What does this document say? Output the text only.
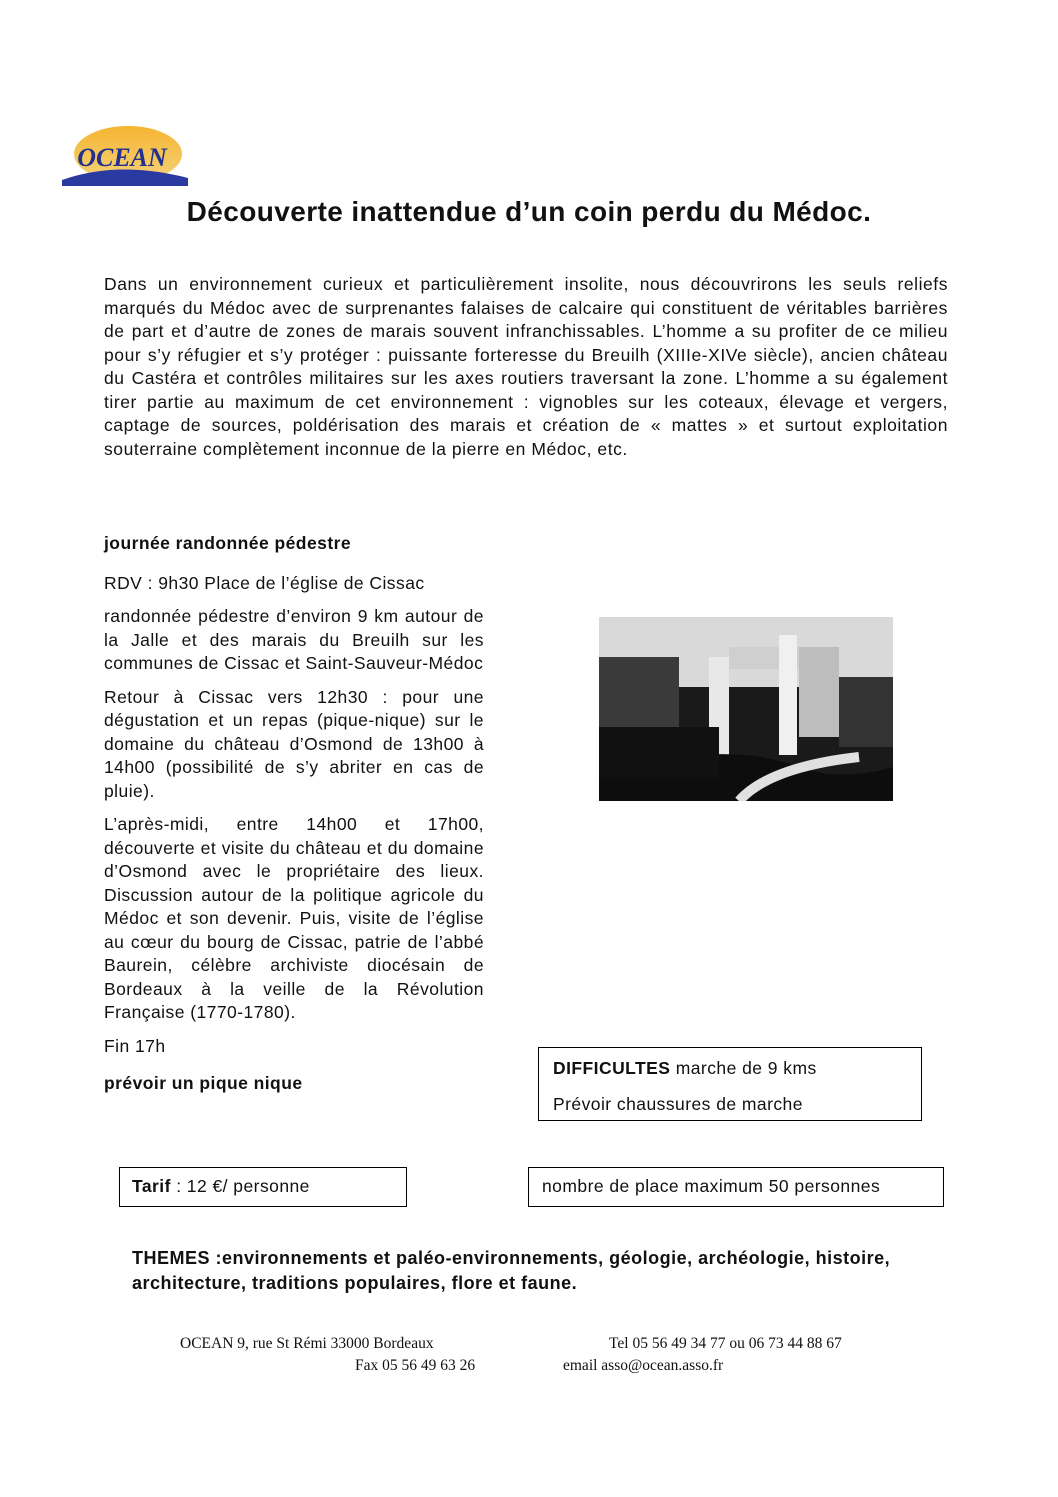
OCEAN
Découverte inattendue d’un coin perdu du Médoc.

Dans un environnement curieux et particulièrement insolite, nous découvrirons les seuls reliefs marqués du Médoc avec de surprenantes falaises de calcaire qui constituent de véritables barrières de part et d’autre de zones de marais souvent infranchissables. L’homme a su profiter de ce milieu pour s’y réfugier et s’y protéger : puissante forteresse du Breuilh (XIIIe-XIVe siècle), ancien château du Castéra et contrôles militaires sur les axes routiers traversant la zone. L’homme a su également tirer partie au maximum de cet environnement : vignobles sur les coteaux, élevage et vergers, captage de sources, poldérisation des marais et création de « mattes » et surtout exploitation souterraine complètement inconnue de la pierre en Médoc, etc.

journée randonnée pédestre

RDV : 9h30 Place de l’église de Cissac

randonnée pédestre d’environ 9 km autour de la Jalle et des marais du Breuilh sur les communes de Cissac et Saint-Sauveur-Médoc

Retour à Cissac vers 12h30 : pour une dégustation et un repas (pique-nique) sur le domaine du château d’Osmond de 13h00 à 14h00 (possibilité de s’y abriter en cas de pluie).

L’après-midi, entre 14h00 et 17h00, découverte et visite du château et du domaine d’Osmond avec le propriétaire des lieux. Discussion autour de la politique agricole du Médoc et son devenir. Puis, visite de l’église au cœur du bourg de Cissac, patrie de l’abbé Baurein, célèbre archiviste diocésain de Bordeaux à la veille de la Révolution Française (1770-1780).

Fin 17h

prévoir un pique nique

DIFFICULTES marche de 9 kms
Prévoir chaussures de marche
Tarif : 12 €/ personne	nombre de place maximum 50 personnes

THEMES :environnements et paléo-environnements, géologie, archéologie, histoire, architecture, traditions populaires, flore et faune.

OCEAN 9, rue St Rémi 33000 Bordeaux	Tel 05 56 49 34 77 ou 06 73 44 88 67
Fax 05 56 49 63 26	email asso@ocean.asso.fr
